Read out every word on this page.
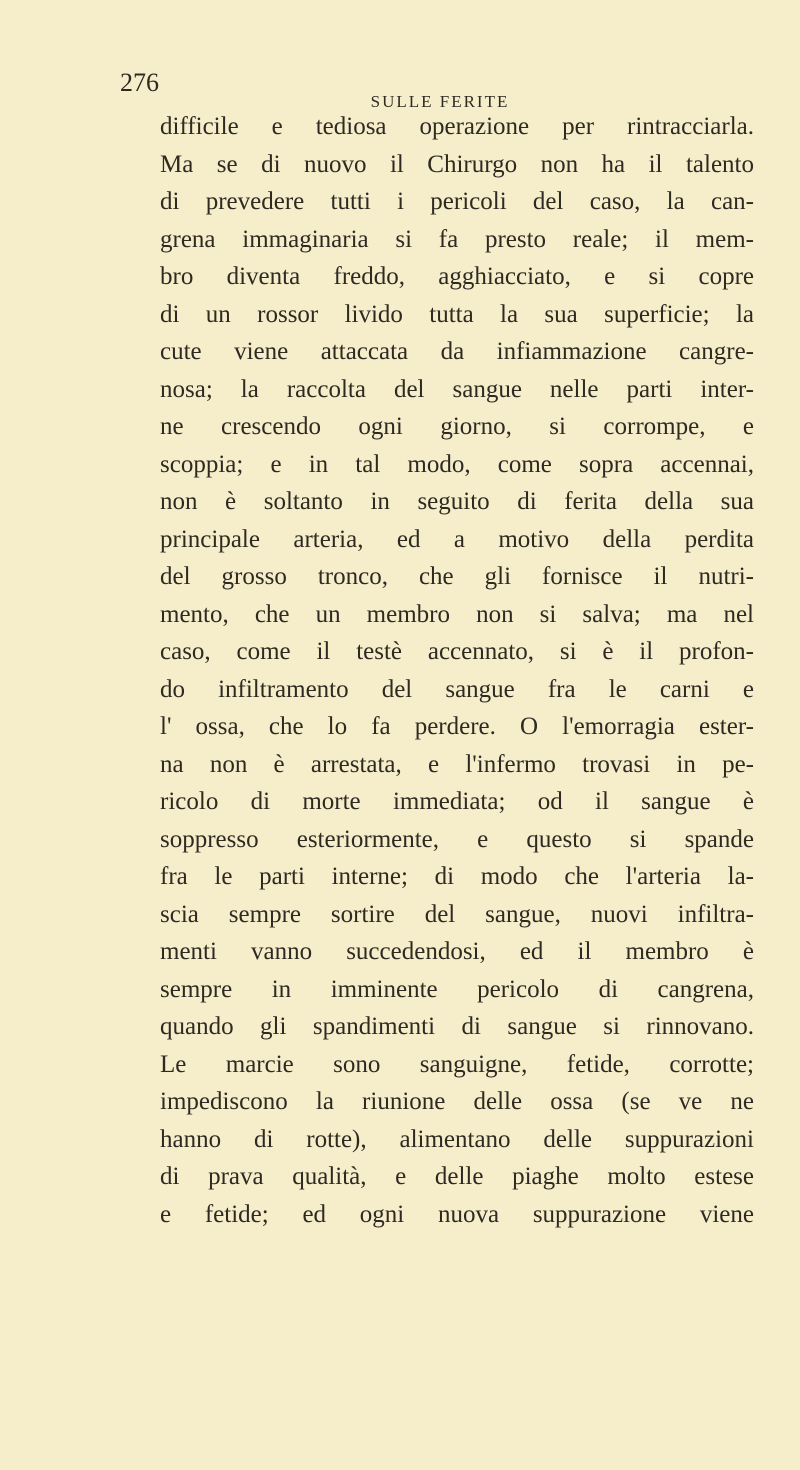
276
SULLE FERITE
difficile e tediosa operazione per rintracciarla.
Ma se di nuovo il Chirurgo non ha il talento
di prevedere tutti i pericoli del caso, la can-
grena immaginaria si fa presto reale; il mem-
bro diventa freddo, agghiacciato, e si copre
di un rossor livido tutta la sua superficie; la
cute viene attaccata da infiammazione cangre-
nosa; la raccolta del sangue nelle parti inter-
ne crescendo ogni giorno, si corrompe, e
scoppia; e in tal modo, come sopra accennai,
non è soltanto in seguito di ferita della sua
principale arteria, ed a motivo della perdita
del grosso tronco, che gli fornisce il nutri-
mento, che un membro non si salva; ma nel
caso, come il testè accennato, si è il profon-
do infiltramento del sangue fra le carni e
l' ossa, che lo fa perdere. O l'emorragia ester-
na non è arrestata, e l'infermo trovasi in pe-
ricolo di morte immediata; od il sangue è
soppresso esteriormente, e questo si spande
fra le parti interne; di modo che l'arteria la-
scia sempre sortire del sangue, nuovi infiltra-
menti vanno succedendosi, ed il membro è
sempre in imminente pericolo di cangrena,
quando gli spandimenti di sangue si rinnovano.
Le marcie sono sanguigne, fetide, corrotte;
impediscono la riunione delle ossa (se ve ne
hanno di rotte), alimentano delle suppurazioni
di prava qualità, e delle piaghe molto estese
e fetide; ed ogni nuova suppurazione viene
